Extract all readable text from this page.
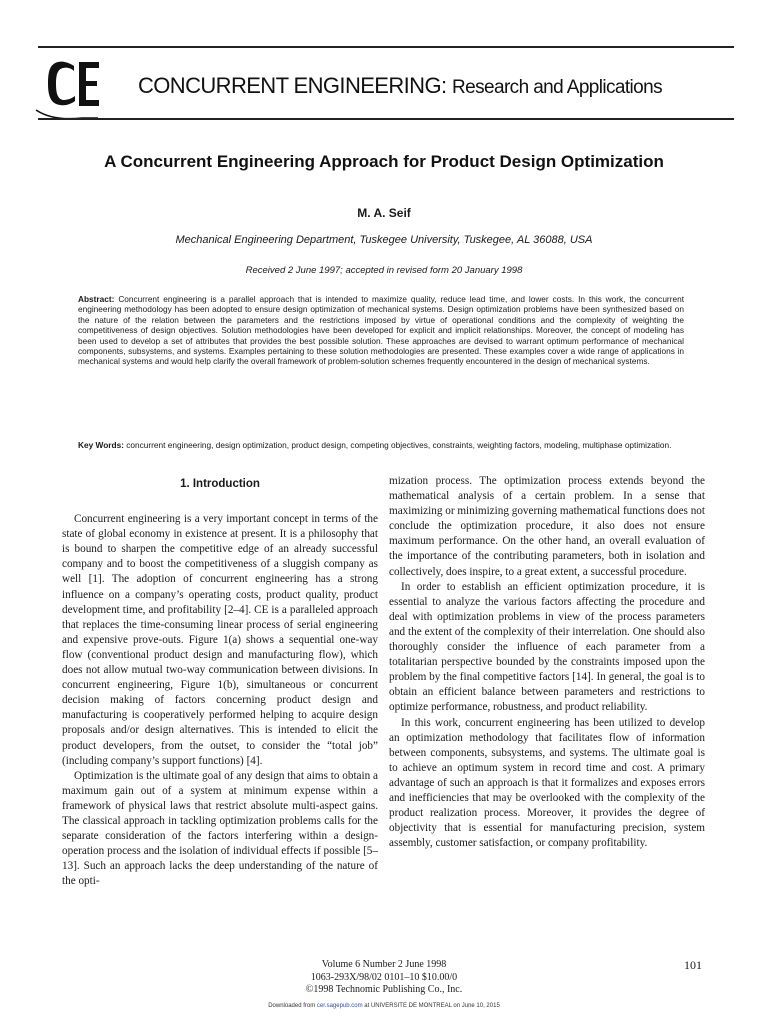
CONCURRENT ENGINEERING: Research and Applications
A Concurrent Engineering Approach for Product Design Optimization
M. A. Seif
Mechanical Engineering Department, Tuskegee University, Tuskegee, AL 36088, USA
Received 2 June 1997; accepted in revised form 20 January 1998
Abstract: Concurrent engineering is a parallel approach that is intended to maximize quality, reduce lead time, and lower costs. In this work, the concurrent engineering methodology has been adopted to ensure design optimization of mechanical systems. Design optimization problems have been synthesized based on the nature of the relation between the parameters and the restrictions imposed by virtue of operational conditions and the complexity of weighting the competitiveness of design objectives. Solution methodologies have been developed for explicit and implicit relationships. Moreover, the concept of modeling has been used to develop a set of attributes that provides the best possible solution. These approaches are devised to warrant optimum performance of mechanical components, subsystems, and systems. Examples pertaining to these solution methodologies are presented. These examples cover a wide range of applications in mechanical systems and would help clarify the overall framework of problem-solution schemes frequently encountered in the design of mechanical systems.
Key Words: concurrent engineering, design optimization, product design, competing objectives, constraints, weighting factors, modeling, multiphase optimization.
1. Introduction

Concurrent engineering is a very important concept in terms of the state of global economy in existence at present. It is a philosophy that is bound to sharpen the competitive edge of an already successful company and to boost the competitiveness of a sluggish company as well [1]. The adoption of concurrent engineering has a strong influence on a company’s operating costs, product quality, product development time, and profitability [2–4]. CE is a paralleled approach that replaces the time-consuming linear process of serial engineering and expensive prove-outs. Figure 1(a) shows a sequential one-way flow (conventional product design and manufacturing flow), which does not allow mutual two-way communication between divisions. In concurrent engineering, Figure 1(b), simultaneous or concurrent decision making of factors concerning product design and manufacturing is cooperatively performed helping to acquire design proposals and/or design alternatives. This is intended to elicit the product developers, from the outset, to consider the “total job” (including company’s support functions) [4].

Optimization is the ultimate goal of any design that aims to obtain a maximum gain out of a system at minimum expense within a framework of physical laws that restrict absolute multi-aspect gains. The classical approach in tackling optimization problems calls for the separate consideration of the factors interfering within a design-operation process and the isolation of individual effects if possible [5–13]. Such an approach lacks the deep understanding of the nature of the opti-

mization process. The optimization process extends beyond the mathematical analysis of a certain problem. In a sense that maximizing or minimizing governing mathematical functions does not conclude the optimization procedure, it also does not ensure maximum performance. On the other hand, an overall evaluation of the importance of the contributing parameters, both in isolation and collectively, does inspire, to a great extent, a successful procedure.

In order to establish an efficient optimization procedure, it is essential to analyze the various factors affecting the procedure and deal with optimization problems in view of the process parameters and the extent of the complexity of their interrelation. One should also thoroughly consider the influence of each parameter from a totalitarian perspective bounded by the constraints imposed upon the problem by the final competitive factors [14]. In general, the goal is to obtain an efficient balance between parameters and restrictions to optimize performance, robustness, and product reliability.

In this work, concurrent engineering has been utilized to develop an optimization methodology that facilitates flow of information between components, subsystems, and systems. The ultimate goal is to achieve an optimum system in record time and cost. A primary advantage of such an approach is that it formalizes and exposes errors and inefficiencies that may be overlooked with the complexity of the product realization process. Moreover, it provides the degree of objectivity that is essential for manufacturing precision, system assembly, customer satisfaction, or company profitability.

Volume 6 Number 2 June 1998
1063-293X/98/02 0101–10 $10.00/0
©1998 Technomic Publishing Co., Inc.
101
Downloaded from cer.sagepub.com at UNIVERSITE DE MONTREAL on June 10, 2015
